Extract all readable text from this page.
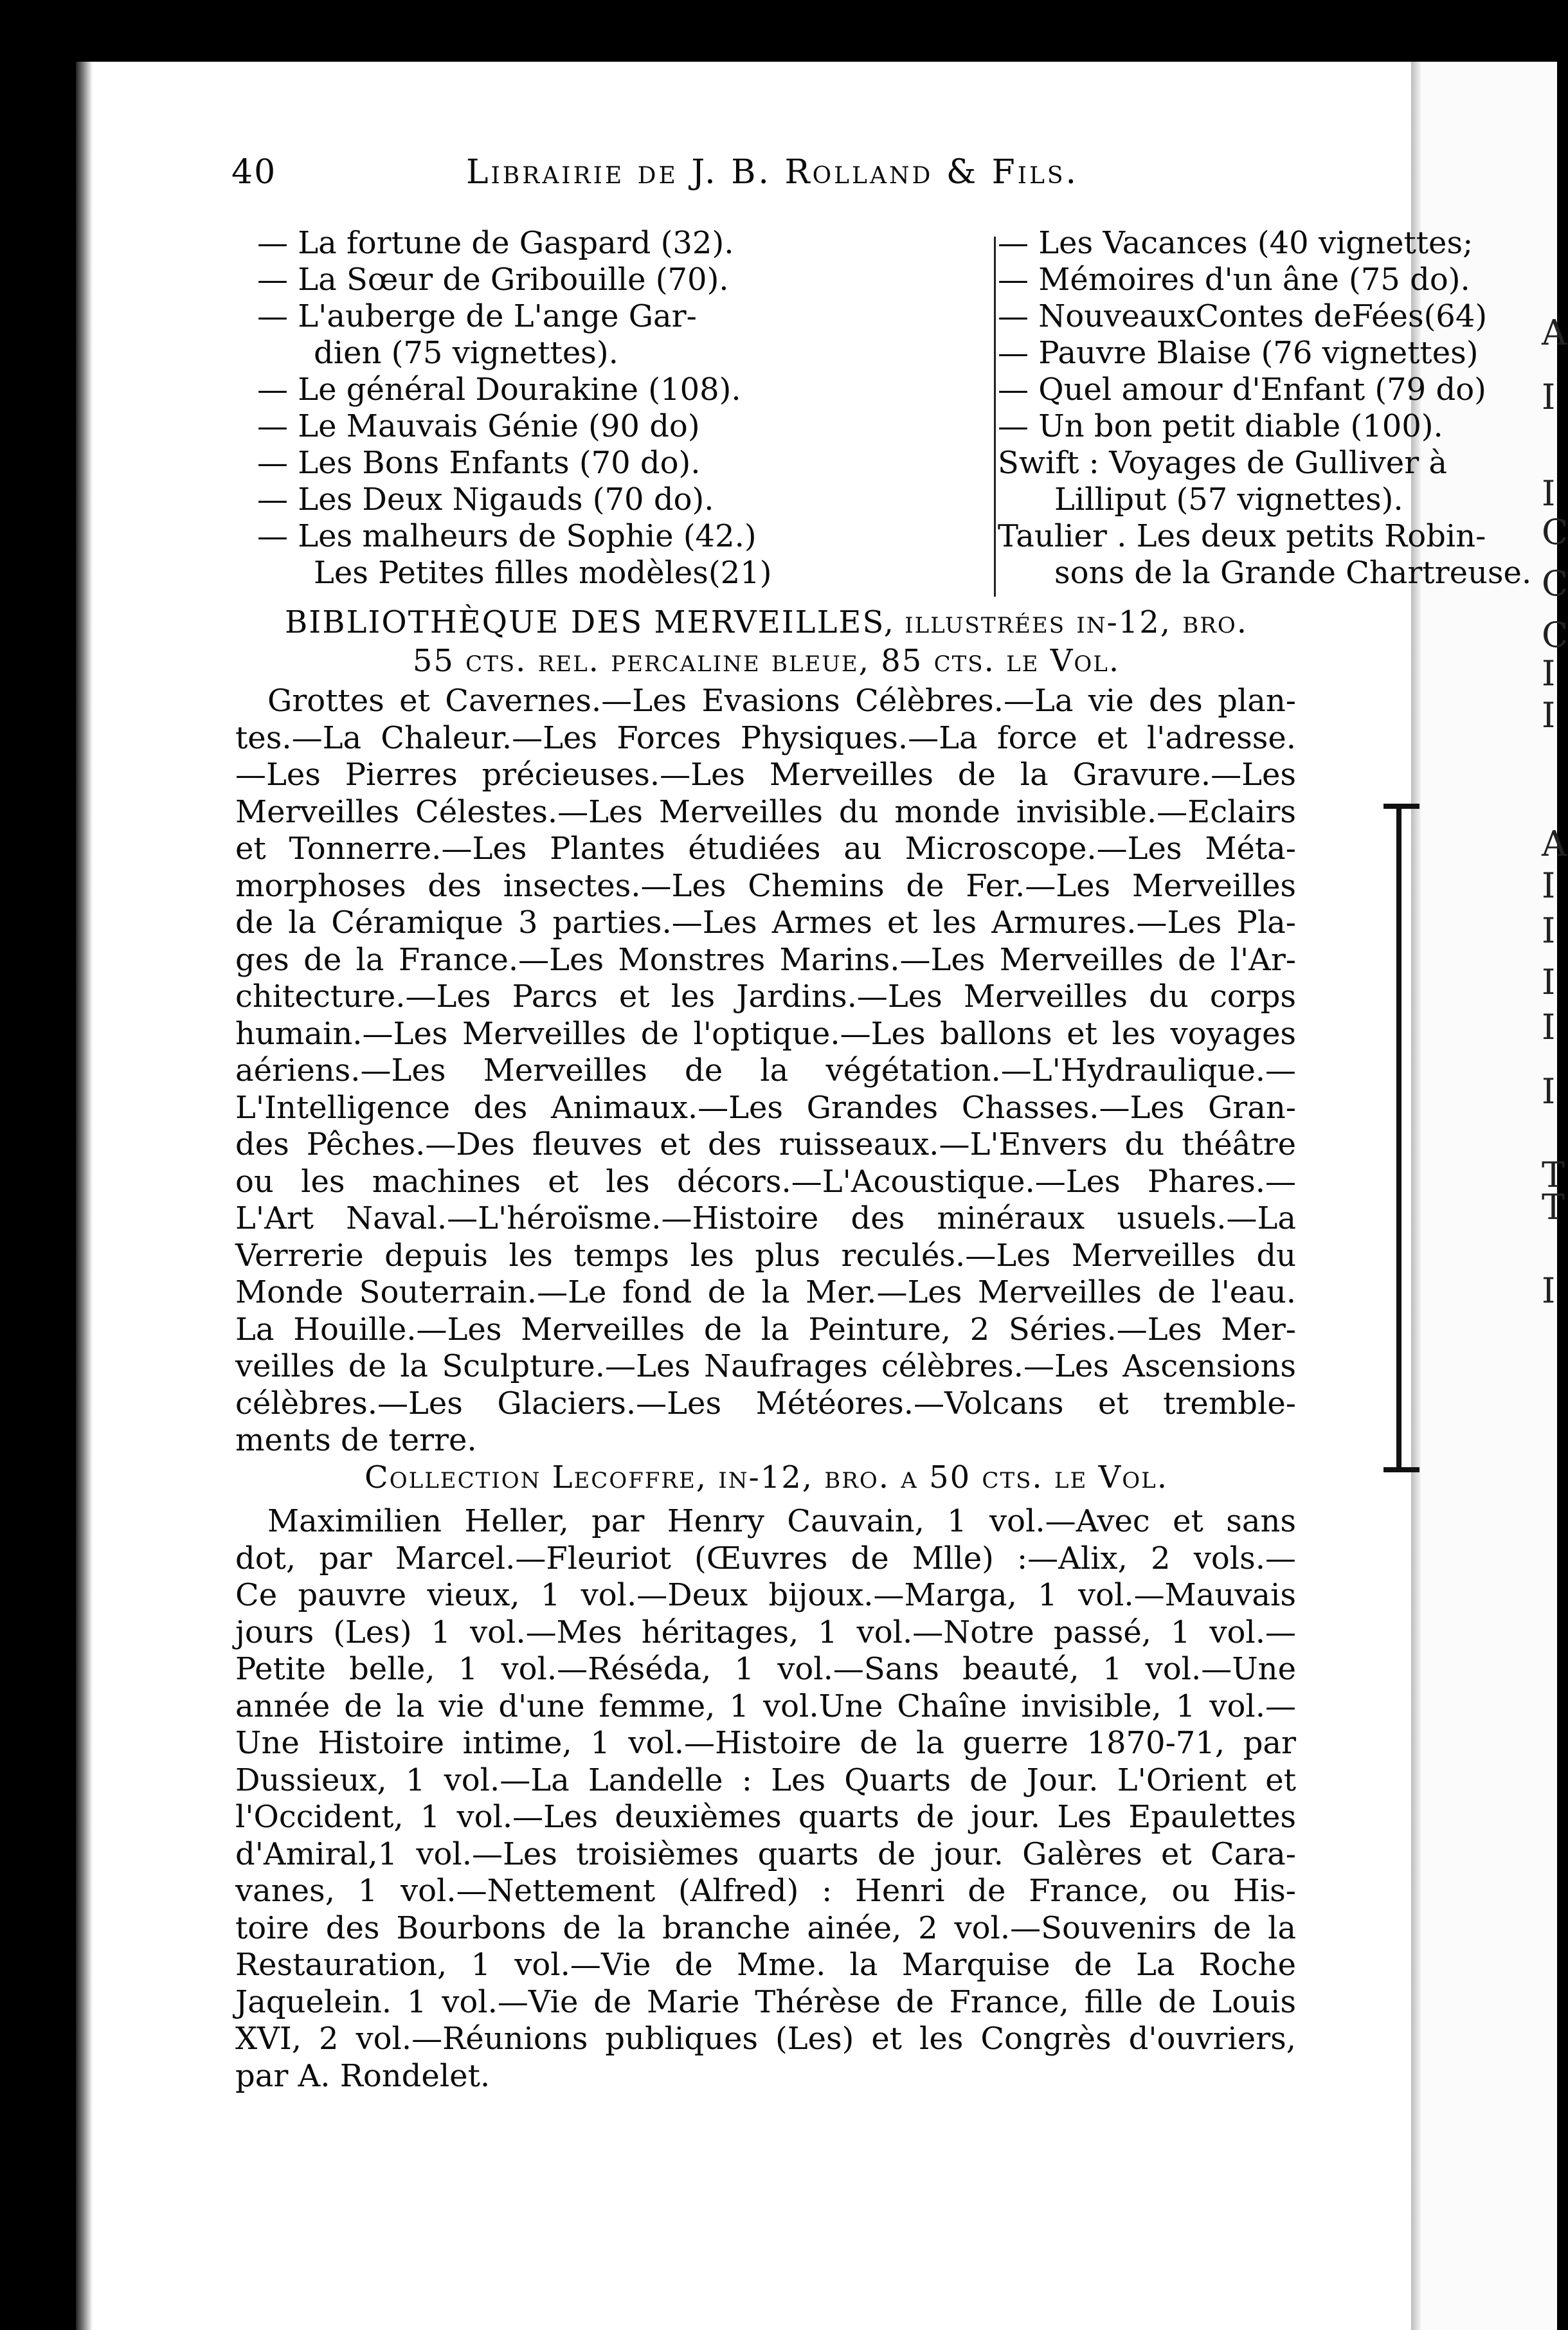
A
I
I
C
C
C
I
I
A
I
I
I
I
I
T
T
I
40	Librairie de J. B. Rolland & Fils.
— La fortune de Gaspard (32).
— La Sœur de Gribouille (70).
— L'auberge de L'ange Gar-
dien (75 vignettes).
— Le général Dourakine (108).
— Le Mauvais Génie (90 do)
— Les Bons Enfants (70 do).
— Les Deux Nigauds (70 do).
— Les malheurs de Sophie (42.)
Les Petites filles modèles(21)
— Les Vacances (40 vignettes;
— Mémoires d'un âne (75 do).
— NouveauxContes deFées(64)
— Pauvre Blaise (76 vignettes)
— Quel amour d'Enfant (79 do)
— Un bon petit diable (100).
Swift : Voyages de Gulliver à
Lilliput (57 vignettes).
Taulier . Les deux petits Robin-
sons de la Grande Chartreuse.
BIBLIOTHÈQUE DES MERVEILLES, illustrées in-12, bro.
55 cts. rel. percaline bleue, 85 cts. le Vol.
Grottes et Cavernes.—Les Evasions Célèbres.—La vie des plan-
tes.—La Chaleur.—Les Forces Physiques.—La force et l'adresse.
—Les Pierres précieuses.—Les Merveilles de la Gravure.—Les
Merveilles Célestes.—Les Merveilles du monde invisible.—Eclairs
et Tonnerre.—Les Plantes étudiées au Microscope.—Les Méta-
morphoses des insectes.—Les Chemins de Fer.—Les Merveilles
de la Céramique 3 parties.—Les Armes et les Armures.—Les Pla-
ges de la France.—Les Monstres Marins.—Les Merveilles de l'Ar-
chitecture.—Les Parcs et les Jardins.—Les Merveilles du corps
humain.—Les Merveilles de l'optique.—Les ballons et les voyages
aériens.—Les Merveilles de la végétation.—L'Hydraulique.—
L'Intelligence des Animaux.—Les Grandes Chasses.—Les Gran-
des Pêches.—Des fleuves et des ruisseaux.—L'Envers du théâtre
ou les machines et les décors.—L'Acoustique.—Les Phares.—
L'Art Naval.—L'héroïsme.—Histoire des minéraux usuels.—La
Verrerie depuis les temps les plus reculés.—Les Merveilles du
Monde Souterrain.—Le fond de la Mer.—Les Merveilles de l'eau.
La Houille.—Les Merveilles de la Peinture, 2 Séries.—Les Mer-
veilles de la Sculpture.—Les Naufrages célèbres.—Les Ascensions
célèbres.—Les Glaciers.—Les Météores.—Volcans et tremble-
ments de terre.
Collection Lecoffre, in-12, bro. a 50 cts. le Vol.
Maximilien Heller, par Henry Cauvain, 1 vol.—Avec et sans
dot, par Marcel.—Fleuriot (Œuvres de Mlle) :—Alix, 2 vols.—
Ce pauvre vieux, 1 vol.—Deux bijoux.—Marga, 1 vol.—Mauvais
jours (Les) 1 vol.—Mes héritages, 1 vol.—Notre passé, 1 vol.—
Petite belle, 1 vol.—Réséda, 1 vol.—Sans beauté, 1 vol.—Une
année de la vie d'une femme, 1 vol.Une Chaîne invisible, 1 vol.—
Une Histoire intime, 1 vol.—Histoire de la guerre 1870-71, par
Dussieux, 1 vol.—La Landelle : Les Quarts de Jour. L'Orient et
l'Occident, 1 vol.—Les deuxièmes quarts de jour. Les Epaulettes
d'Amiral,1 vol.—Les troisièmes quarts de jour. Galères et Cara-
vanes, 1 vol.—Nettement (Alfred) : Henri de France, ou His-
toire des Bourbons de la branche ainée, 2 vol.—Souvenirs de la
Restauration, 1 vol.—Vie de Mme. la Marquise de La Roche
Jaquelein. 1 vol.—Vie de Marie Thérèse de France, fille de Louis
XVI, 2 vol.—Réunions publiques (Les) et les Congrès d'ouvriers,
par A. Rondelet.
